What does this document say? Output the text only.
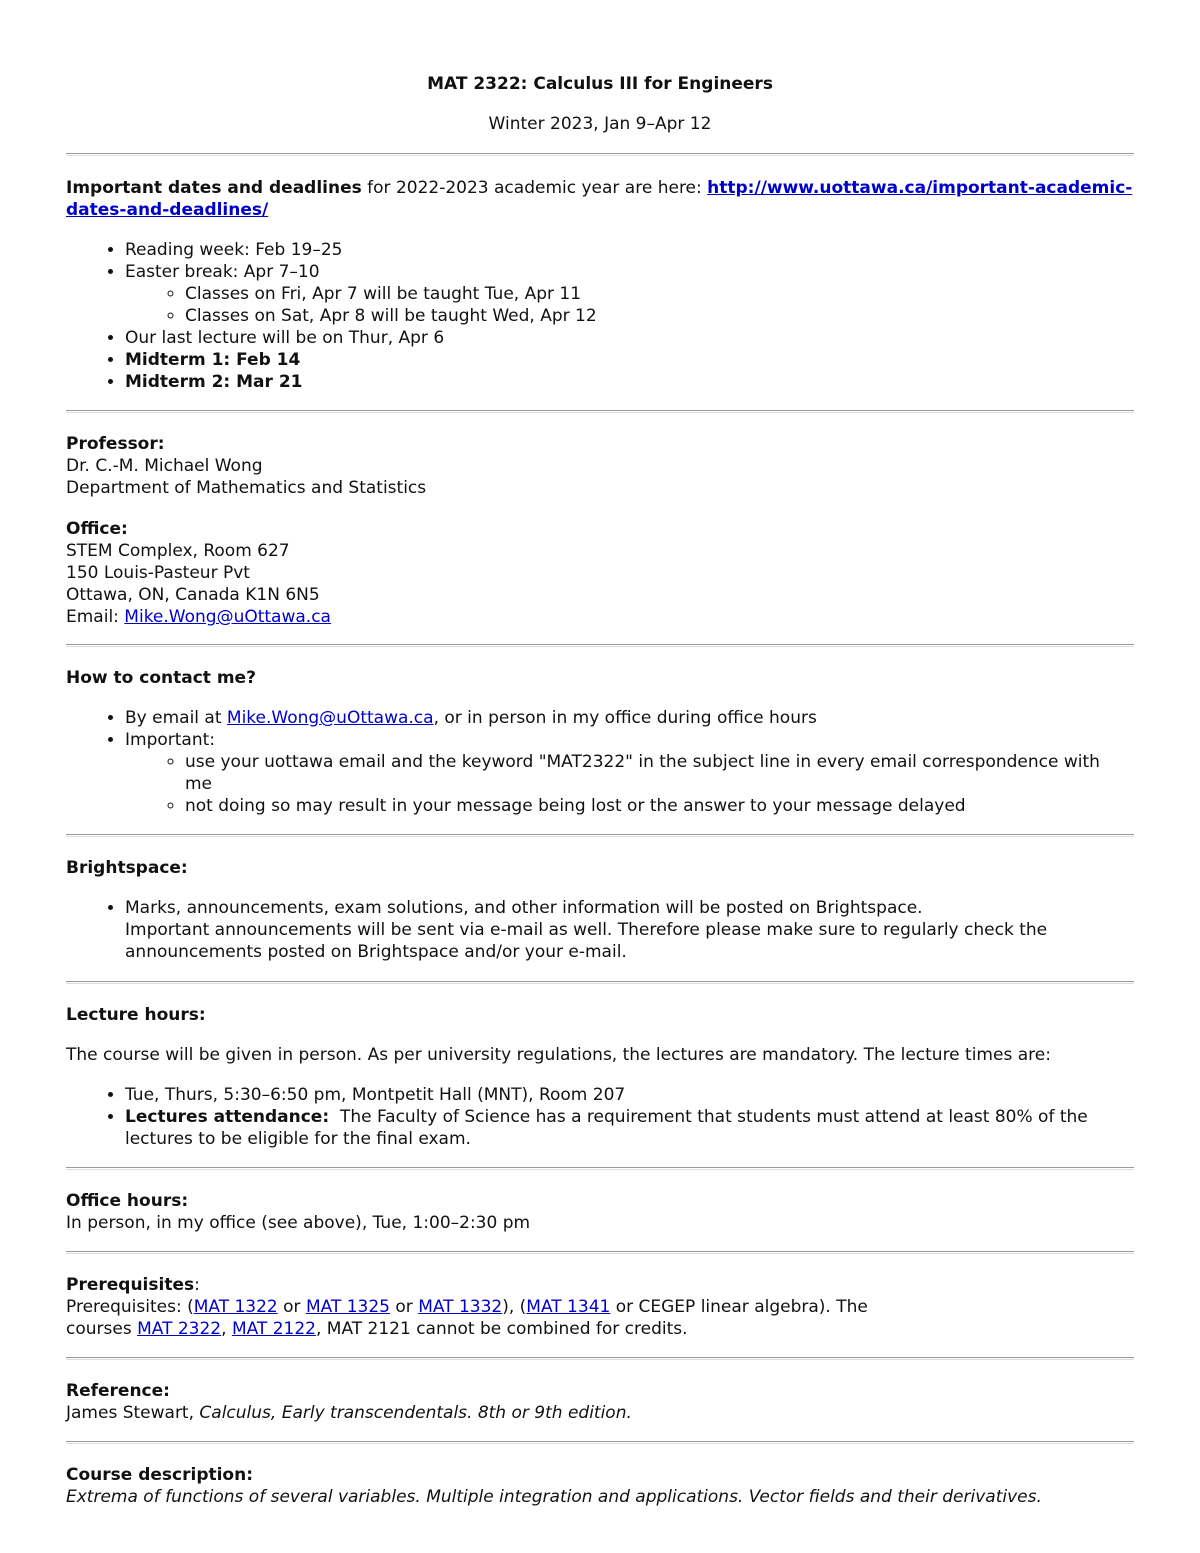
MAT 2322: Calculus III for Engineers
Winter 2023, Jan 9–Apr 12

Important dates and deadlines for 2022-2023 academic year are here: http://www.uottawa.ca/important-academic-dates-and-deadlines/

• Reading week: Feb 19–25
• Easter break: Apr 7–10
◦ Classes on Fri, Apr 7 will be taught Tue, Apr 11
◦ Classes on Sat, Apr 8 will be taught Wed, Apr 12
• Our last lecture will be on Thur, Apr 6
• Midterm 1: Feb 14
• Midterm 2: Mar 21
Professor:
Dr. C.-M. Michael Wong
Department of Mathematics and Statistics
Office:
STEM Complex, Room 627
150 Louis-Pasteur Pvt
Ottawa, ON, Canada K1N 6N5
Email: Mike.Wong@uOttawa.ca
How to contact me?
• By email at Mike.Wong@uOttawa.ca, or in person in my office during office hours
• Important:
◦ use your uottawa email and the keyword "MAT2322" in the subject line in every email correspondence with me
◦ not doing so may result in your message being lost or the answer to your message delayed
Brightspace:
• Marks, announcements, exam solutions, and other information will be posted on Brightspace.
Important announcements will be sent via e-mail as well. Therefore please make sure to regularly check the announcements posted on Brightspace and/or your e-mail.
Lecture hours:

The course will be given in person. As per university regulations, the lectures are mandatory. The lecture times are:

• Tue, Thurs, 5:30–6:50 pm, Montpetit Hall (MNT), Room 207
• Lectures attendance:  The Faculty of Science has a requirement that students must attend at least 80% of the lectures to be eligible for the final exam.
Office hours:
In person, in my office (see above), Tue, 1:00–2:30 pm
Prerequisites:
Prerequisites: (MAT 1322 or MAT 1325 or MAT 1332), (MAT 1341 or CEGEP linear algebra). The
courses MAT 2322, MAT 2122, MAT 2121 cannot be combined for credits.
Reference:
James Stewart, Calculus, Early transcendentals. 8th or 9th edition.
Course description:
Extrema of functions of several variables. Multiple integration and applications. Vector fields and their derivatives.
